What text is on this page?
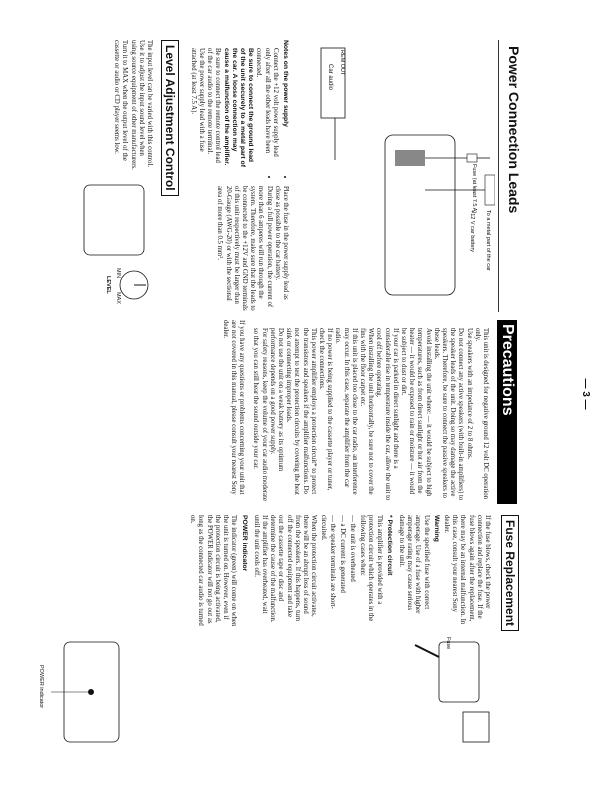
Power Connection Leads
REM OUT
Car audio
Fuse (at least 7.5 A)
To a metal part of the car
+12 V car battery

Notes on the power supply

• Connect the +12 volt power supply lead only after all the other leads have been connected.
• Be sure to connect the ground lead of the unit securely to a metal part of the car. A loose connection may cause a malfunction of the amplifier.
• Be sure to connect the remote control lead of the car audio to the remote terminal.
• Use the power supply lead with a fuse attached (at least 7.5 A).
• Place the fuse in the power supply lead as close as possible to the car battery.
• During a full power operation, the current of more than 6 amperes will run through the system. Therefore, make sure that the leads to be connected to the +12V and GND terminals of this unit respectively must be larger than 20-Gauge (AWG-20) or with the sectional area of more than 0.5 mm².
Level Adjustment Control
The input level can be varied with this control. Use it to adjust the input sound level when using source equipment of other manufacturers. Turn it to MAX when the output level of the cassette or audio or CD player seems low.
MIN
MAX
LEVEL
Precautions
• This unit is designed for negative ground 12 volt DC operation only.
• Use speakers with an impedance of 2 to 8 ohms.
• Do not connect any active speakers (with built-in amplifiers) to the speaker leads of the unit. Doing so may damage the active speakers. Therefore, be sure to connect the passive speakers to these leads.
• Avoid installing the unit where: — it would be subject to high temperatures, such as from direct sunlight or hot air from the heater — it would be exposed to rain or moisture — it would be subject to dust or dirt.
• If your car is parked in direct sunlight and there is a considerable rise in temperature inside the car, allow the unit to cool off before operating.
• When installing the unit horizontally, be sure not to cover the fins with the floor carpet etc.
• If this unit is placed too close to the car radio, an interference may occur. In this case, separate the amplifier from the car radio.
• If no power is being supplied to the cassette player or tuner, check the connections.
• This power amplifier employs a protection circuit* to protect the transistors and speakers if the amplifier malfunctions. Do not attempt to test the protection circuits by covering the heat sink or connecting improper loads.
• Do not use the unit on a weak battery as its optimum performance depends on a good power supply.
• For safety reasons, keep the volume of your car audio moderate so that you can still hear the sound outside your car.

If you have any questions or problems concerning your unit that are not covered in this manual, please consult your nearest Sony dealer.

Fuse Replacement

If the fuse blows, check the power connection and replace the fuse. If the fuse blows again after the replacement, there may be an internal malfunction. In this case, consult your nearest Sony dealer.

Warning

Use the specified fuse with correct amperage. Use of a fuse with higher amperage rating may cause serious damage to the unit.

* Protection circuit

This amplifier is provided with a protection circuit which operates in the following cases when:

— the unit is overheated

— a DC current is generated

— the speaker terminals are short-circuited.

When the protection circuit activates, there will be an abrupt loss of sound from the speakers. If this happens, turn off the connected equipment and take out the cassette tape or disc and determine the cause of the malfunction. If the amplifier has overheated, wait until the unit cools off.

POWER indicator

The indicator (green) will come on when the unit is turned on. However, even if the protection circuit is being activated, the POWER indicator will not go out as long as the connected car audio is turned on.

Fuse
POWER indicator
— 3 —
